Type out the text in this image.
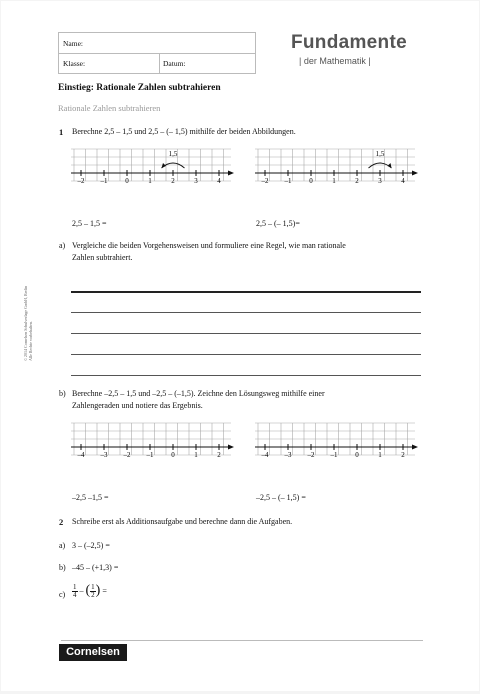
Name:
Klasse:	Datum:
Fundamente
| der Mathematik |
Einstieg: Rationale Zahlen subtrahieren
Rationale Zahlen subtrahieren
1 Berechne 2,5 – 1,5 und 2,5 – (– 1,5) mithilfe der beiden Abbildungen.
1,5
–2 –1	0	1	2	3	4
1,5
–2 –1	0	1	2	3	4
2,5 – 1,5 =	2,5 – (– 1,5)=
a) Vergleiche die beiden Vorgehensweisen und formuliere eine Regel, wie man rationale
Zahlen subtrahiert.
b) Berechne –2,5 – 1,5 und –2,5 – (–1,5). Zeichne den Lösungsweg mithilfe einer
Zahlengeraden und notiere das Ergebnis.
–4 –3 –2 –1	0	1	2	–4 –3 –2 –1	0	1	2
–2,5 –1,5 =	–2,5 – (– 1,5) =
2 Schreibe erst als Additionsaufgabe und berechne dann die Aufgaben.
a) 3 – (–2,5) =
b) –45 – (+1,3) =
$c) \frac{1}{4}$ – ( $\frac{1}{2}$ ) =
© 2014 Cornelsen Schulverlage GmbH, Berlin Alle Rechte vorbehalten.
Cornelsen
